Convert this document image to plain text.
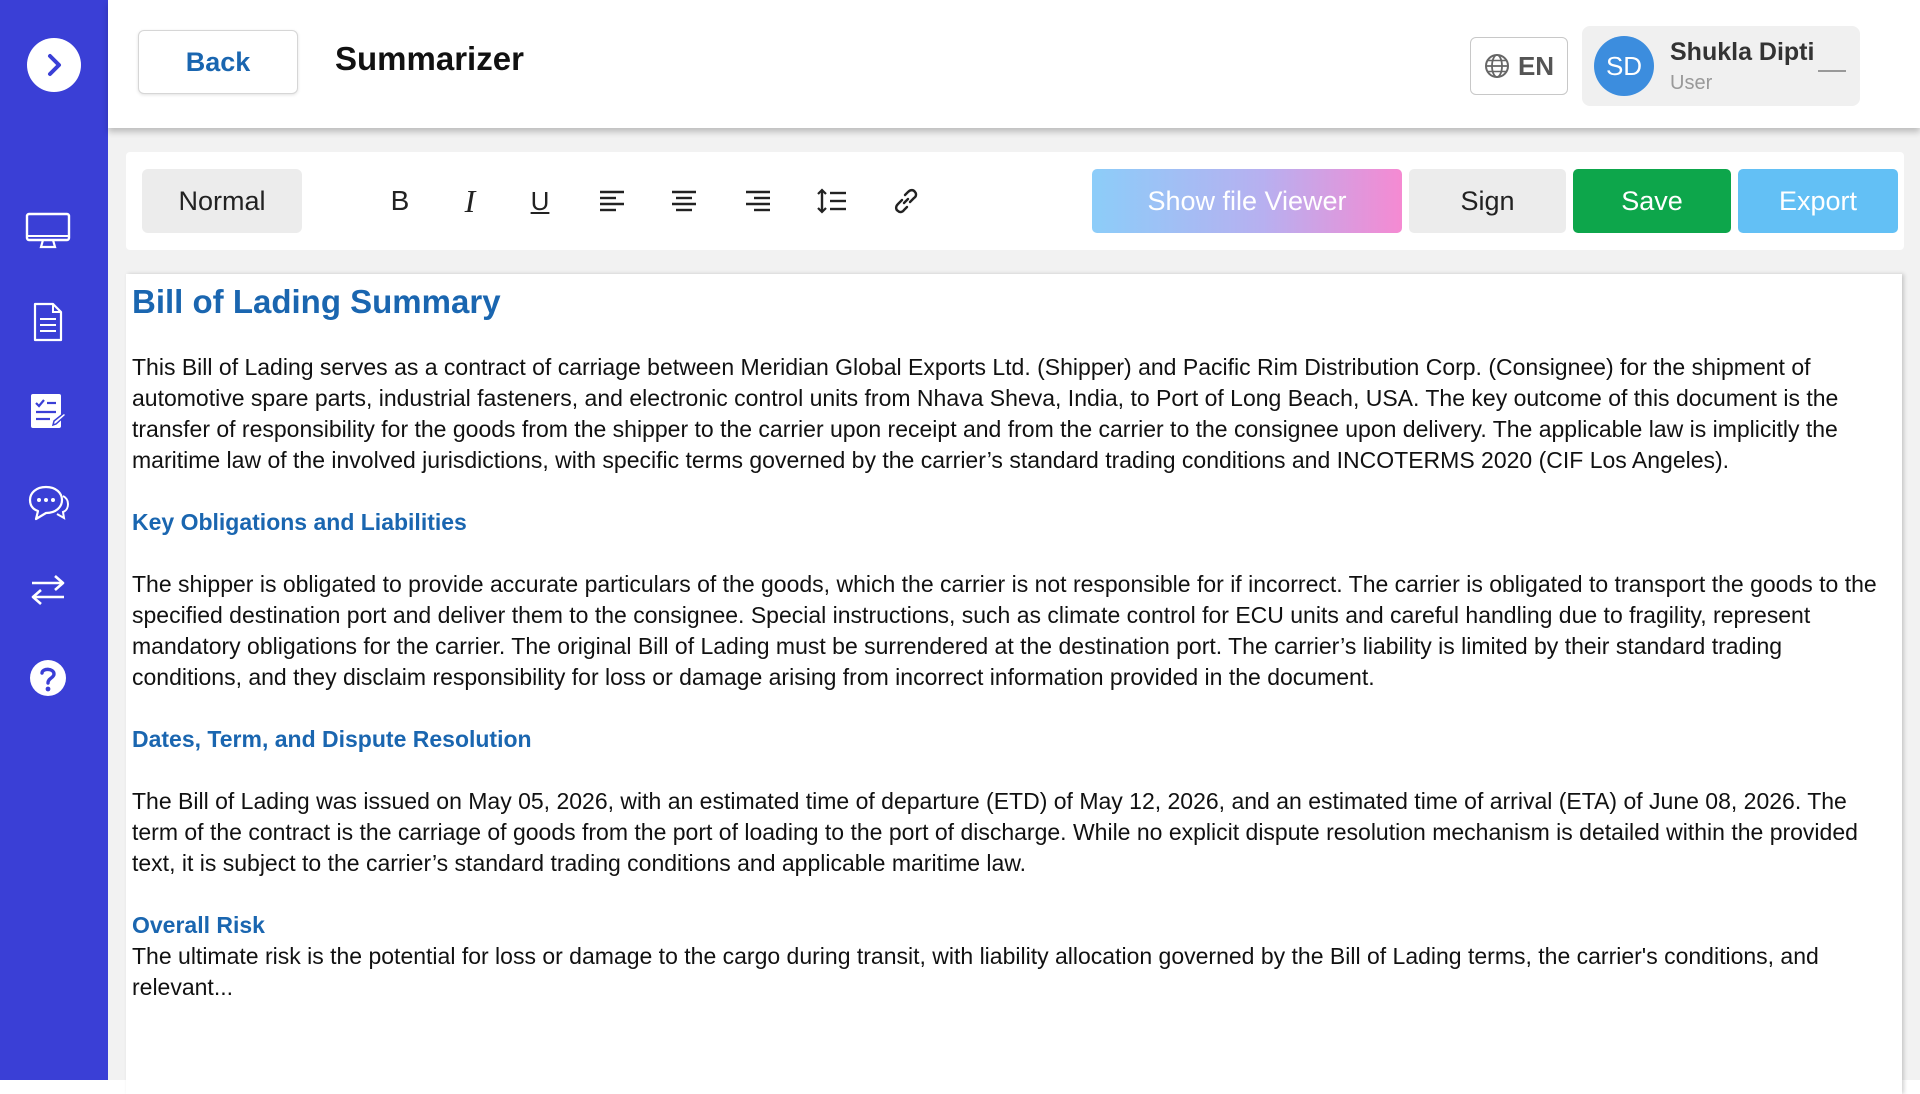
Back	Summarizer	EN	SD	Shukla Dipti
User
Normal	B I U	Show file Viewer	Sign	Save	Export
Bill of Lading Summary

This Bill of Lading serves as a contract of carriage between Meridian Global Exports Ltd. (Shipper) and Pacific Rim Distribution Corp. (Consignee) for the shipment of automotive spare parts, industrial fasteners, and electronic control units from Nhava Sheva, India, to Port of Long Beach, USA. The key outcome of this document is the transfer of responsibility for the goods from the shipper to the carrier upon receipt and from the carrier to the consignee upon delivery. The applicable law is implicitly the maritime law of the involved jurisdictions, with specific terms governed by the carrier’s standard trading conditions and INCOTERMS 2020 (CIF Los Angeles).

Key Obligations and Liabilities

The shipper is obligated to provide accurate particulars of the goods, which the carrier is not responsible for if incorrect. The carrier is obligated to transport the goods to the specified destination port and deliver them to the consignee. Special instructions, such as climate control for ECU units and careful handling due to fragility, represent mandatory obligations for the carrier. The original Bill of Lading must be surrendered at the destination port. The carrier’s liability is limited by their standard trading conditions, and they disclaim responsibility for loss or damage arising from incorrect information provided in the document.

Dates, Term, and Dispute Resolution

The Bill of Lading was issued on May 05, 2026, with an estimated time of departure (ETD) of May 12, 2026, and an estimated time of arrival (ETA) of June 08, 2026. The term of the contract is the carriage of goods from the port of loading to the port of discharge. While no explicit dispute resolution mechanism is detailed within the provided text, it is subject to the carrier’s standard trading conditions and applicable maritime law.

Overall Risk

The ultimate risk is the potential for loss or damage to the cargo during transit, with liability allocation governed by the Bill of Lading terms, the carrier's conditions, and relevant...
